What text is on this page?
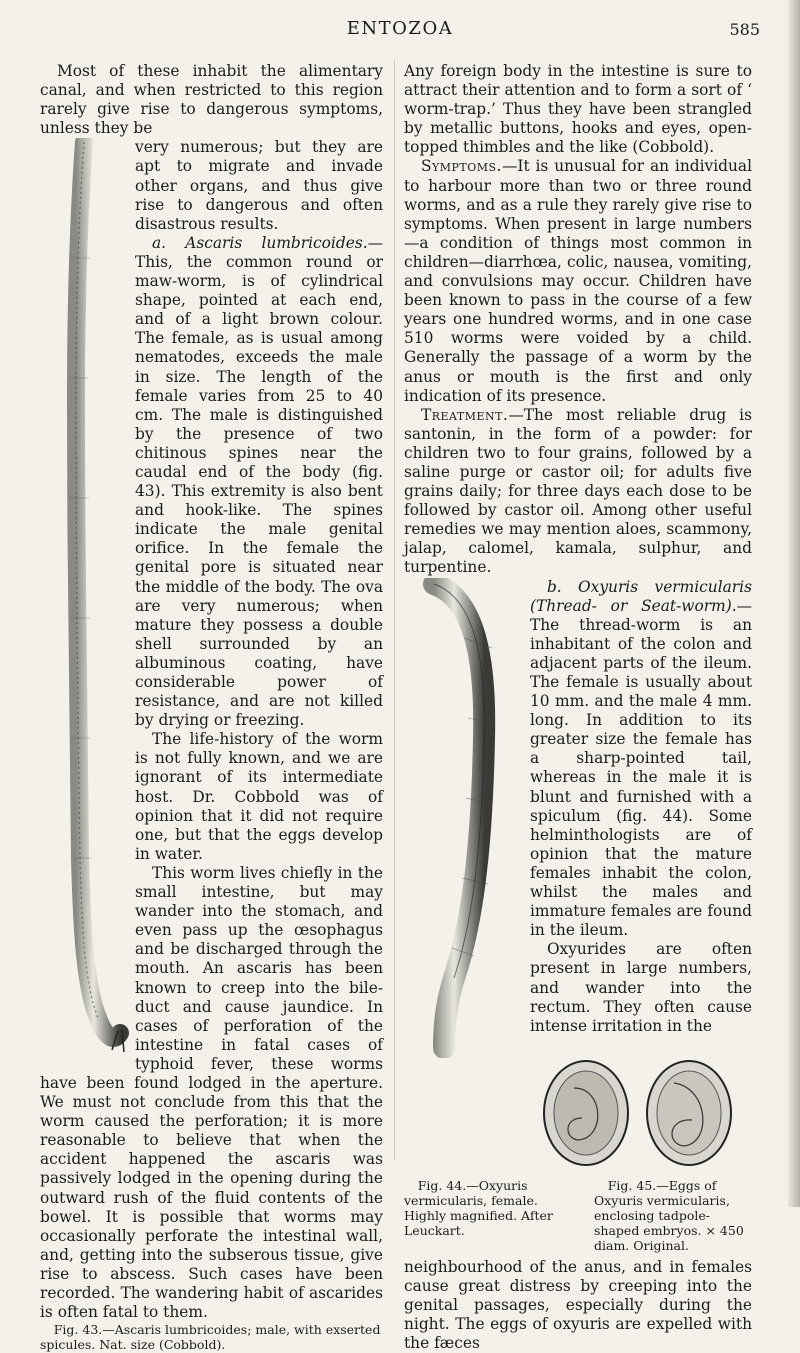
ENTOZOA	585

Most of these inhabit the alimentary canal, and when restricted to this region rarely give rise to dangerous symptoms, unless they be

very numerous; but they are apt to migrate and invade other organs, and thus give rise to dangerous and often disastrous results.

a. Ascaris lumbricoides.— This, the common round or maw-worm, is of cylindrical shape, pointed at each end, and of a light brown colour. The female, as is usual among nematodes, exceeds the male in size. The length of the female varies from 25 to 40 cm. The male is distinguished by the presence of two chitinous spines near the caudal end of the body (fig. 43). This extremity is also bent and hook-like. The spines indicate the male genital orifice. In the female the genital pore is situated near the middle of the body. The ova are very numerous; when mature they possess a double shell surrounded by an albuminous coating, have considerable power of resistance, and are not killed by drying or freezing.

The life-history of the worm is not fully known, and we are ignorant of its intermediate host. Dr. Cobbold was of opinion that it did not require one, but that the eggs develop in water.

This worm lives chiefly in the small intestine, but may wander into the stomach, and even pass up the œsophagus and be discharged through the mouth. An ascaris has been known to creep into the bile-duct and cause jaundice. In cases of perforation of the intestine in fatal cases of typhoid fever, these worms have been found lodged in the aperture. We must not conclude from this that the worm caused the perforation; it is more reasonable to believe that when the accident happened the ascaris was passively lodged in the opening during the outward rush of the fluid contents of the bowel. It is possible that worms may occasionally perforate the intestinal wall, and, getting into the subserous tissue, give rise to abscess. Such cases have been recorded. The wandering habit of ascarides is often fatal to them.

Fig. 43.—Ascaris lumbricoides; male, with exserted spicules. Nat. size (Cobbold).

Any foreign body in the intestine is sure to attract their attention and to form a sort of ‘ worm-trap.’ Thus they have been strangled by metallic buttons, hooks and eyes, open-topped thimbles and the like (Cobbold).

Symptoms.—It is unusual for an individual to harbour more than two or three round worms, and as a rule they rarely give rise to symptoms. When present in large numbers —a condition of things most common in children—diarrhœa, colic, nausea, vomiting, and convulsions may occur. Children have been known to pass in the course of a few years one hundred worms, and in one case 510 worms were voided by a child. Generally the passage of a worm by the anus or mouth is the first and only indication of its presence.

Treatment.—The most reliable drug is santonin, in the form of a powder: for children two to four grains, followed by a saline purge or castor oil; for adults five grains daily; for three days each dose to be followed by castor oil. Among other useful remedies we may mention aloes, scammony, jalap, calomel, kamala, sulphur, and turpentine.

b. Oxyuris vermicularis (Thread- or Seat-worm).— The thread-worm is an inhabitant of the colon and adjacent parts of the ileum. The female is usually about 10 mm. and the male 4 mm. long. In addition to its greater size the female has a sharp-pointed tail, whereas in the male it is blunt and furnished with a spiculum (fig. 44). Some helminthologists are of opinion that the mature females inhabit the colon, whilst the males and immature females are found in the ileum.

Oxyurides are often present in large numbers, and wander into the rectum. They often cause intense irritation in the

Fig. 44.—Oxyuris vermicularis, female. Highly magnified. After Leuckart.

Fig. 45.—Eggs of Oxyuris vermicularis, enclosing tadpole-shaped embryos. × 450 diam. Original.

neighbourhood of the anus, and in females cause great distress by creeping into the genital passages, especially during the night. The eggs of oxyuris are expelled with the fæces
